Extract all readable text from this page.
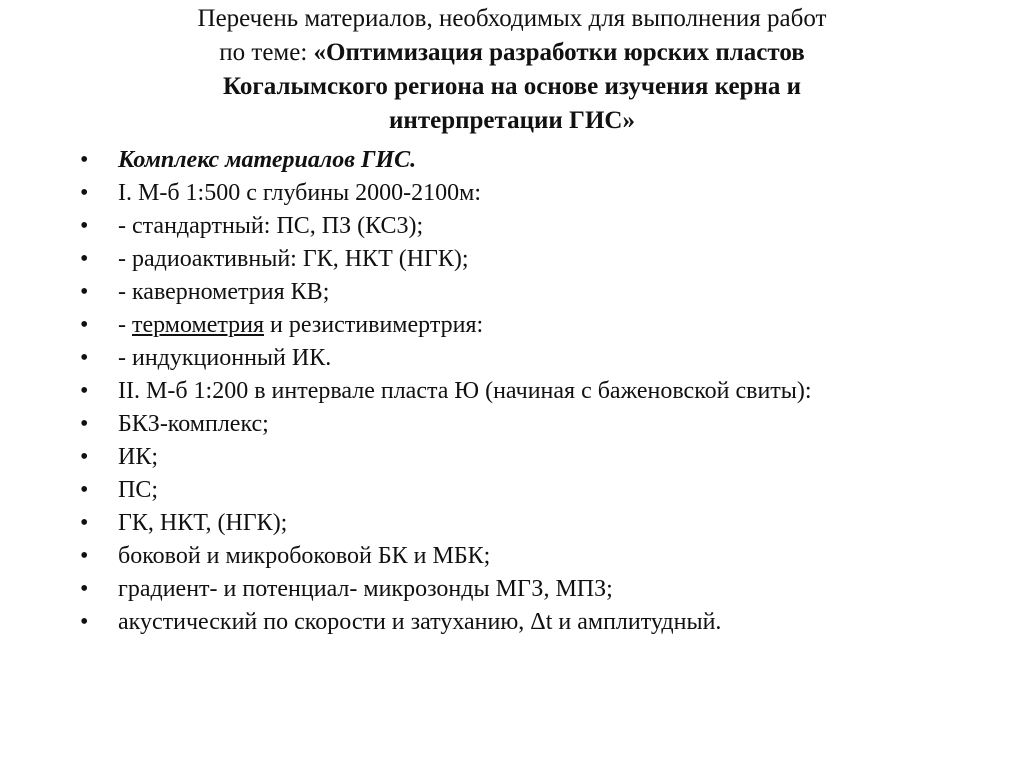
Перечень материалов, необходимых для выполнения работ
по теме: «Оптимизация разработки юрских пластов
Когалымского региона на основе изучения керна и
интерпретации ГИС»
• Комплекс материалов ГИС.
• I. М-б 1:500 с глубины 2000-2100м:
• - стандартный: ПС, ПЗ (КС3);
• - радиоактивный: ГК, НКТ (НГК);
• - кавернометрия КВ;
• - термометрия и резистивимертрия:
• - индукционный ИК.
• II. М-б 1:200 в интервале пласта Ю (начиная с баженовской свиты):
• БКЗ-комплекс;
• ИК;
• ПС;
• ГК, НКТ, (НГК);
• боковой и микробоковой БК и МБК;
• градиент- и потенциал- микрозонды МГЗ, МПЗ;
• акустический по скорости и затуханию, Δt и амплитудный.
